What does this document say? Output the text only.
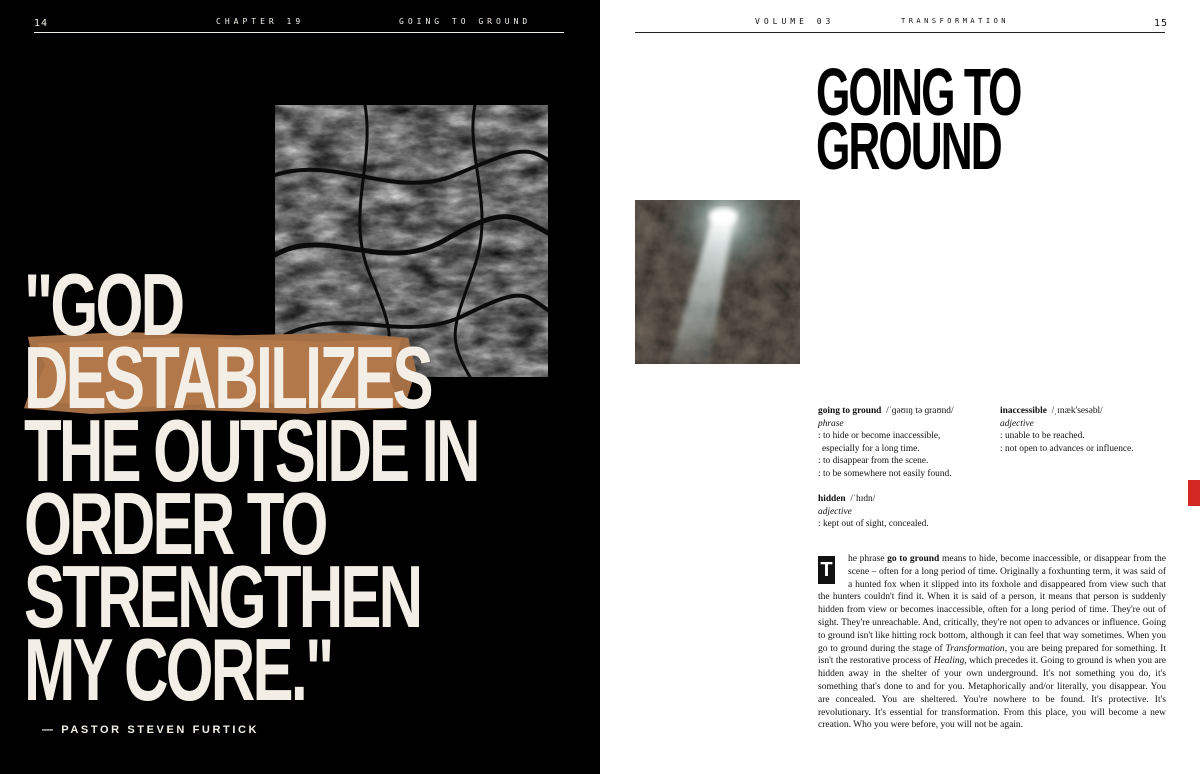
14	CHAPTER 19	GOING TO GROUND
"GOD
DESTABILIZES
THE OUTSIDE IN
ORDER TO
STRENGTHEN
MY CORE."
— PASTOR STEVEN FURTICK
VOLUME 03	TRANSFORMATION	15
GOING TO
GROUND
going to ground /ˈɡəʊɪŋ tə ɡraʊnd/
phrase
: to hide or become inaccessible,
especially for a long time.
: to disappear from the scene.
: to be somewhere not easily found.
hidden /ˈhɪdn/
adjective
: kept out of sight, concealed.
inaccessible /ˌɪnæk'sesəbl/
adjective
: unable to be reached.
: not open to advances or influence.
T he phrase go to ground means to hide, become inaccessible, or disappear from the scene – often for a long period of time. Originally a foxhunting term, it was said of a hunted fox when it slipped into its foxhole and disappeared from view such that the hunters couldn't find it. When it is said of a person, it means that person is suddenly hidden from view or becomes inaccessible, often for a long period of time. They're out of sight. They're unreachable. And, critically, they're not open to advances or influence. Going to ground isn't like hitting rock bottom, although it can feel that way sometimes. When you go to ground during the stage of Transformation, you are being prepared for something. It isn't the restorative process of Healing, which precedes it. Going to ground is when you are hidden away in the shelter of your own underground. It's not something you do, it's something that's done to and for you. Metaphorically and/or literally, you disappear. You are concealed. You are sheltered. You're nowhere to be found. It's protective. It's revolutionary. It's essential for transformation. From this place, you will become a new creation. Who you were before, you will not be again.
